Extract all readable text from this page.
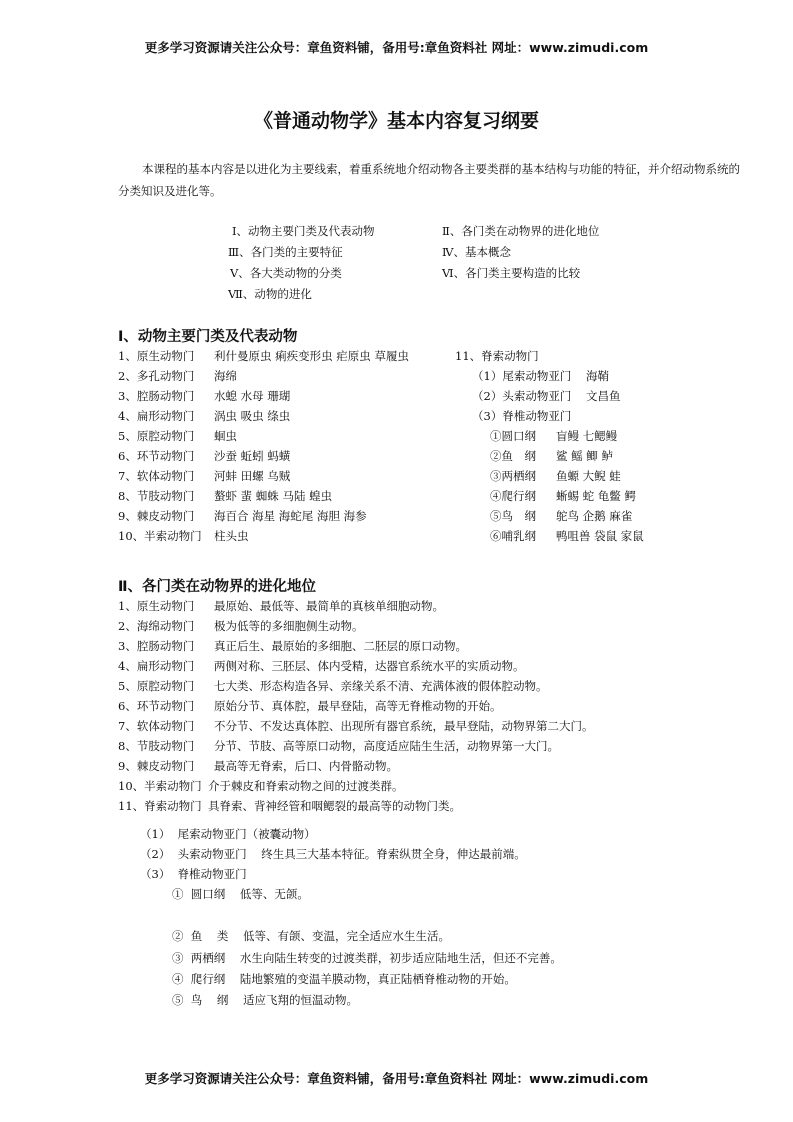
更多学习资源请关注公众号：章鱼资料铺，备用号:章鱼资料社 网址：www.zimudi.com
《普通动物学》基本内容复习纲要
本课程的基本内容是以进化为主要线索，着重系统地介绍动物各主要类群的基本结构与功能的特征，并介绍动物系统的分类知识及进化等。
Ⅰ、动物主要门类及代表动物	Ⅱ、各门类在动物界的进化地位
Ⅲ、各门类的主要特征	Ⅳ、基本概念
Ⅴ、各大类动物的分类	Ⅵ、各门类主要构造的比较
Ⅶ、动物的进化
Ⅰ、动物主要门类及代表动物
1、原生动物门 利什曼原虫 痢疾变形虫 疟原虫 草履虫
2、多孔动物门 海绵
3、腔肠动物门 水螅 水母 珊瑚
4、扁形动物门 涡虫 吸虫 绦虫
5、原腔动物门 蛔虫
6、环节动物门 沙蚕 蚯蚓 蚂蟥
7、软体动物门 河蚌 田螺 乌贼
8、节肢动物门 螯虾 蜚 蜘蛛 马陆 蝗虫
9、棘皮动物门 海百合 海星 海蛇尾 海胆 海参
10、半索动物门 柱头虫
11、脊索动物门
（1）尾索动物亚门 海鞘
（2）头索动物亚门 文昌鱼
（3）脊椎动物亚门
①圆口纲 盲鳗 七鳃鳗
②鱼　纲 鲨 鳐 鲫 鲈
③两栖纲 鱼螈 大鲵 蛙
④爬行纲 蜥蜴 蛇 龟鳖 鳄
⑤鸟　纲 鸵鸟 企鹅 麻雀
⑥哺乳纲 鸭咀兽 袋鼠 家鼠
Ⅱ、各门类在动物界的进化地位
1、原生动物门 最原始、最低等、最简单的真核单细胞动物。
2、海绵动物门 极为低等的多细胞侧生动物。
3、腔肠动物门 真正后生、最原始的多细胞、二胚层的原口动物。
4、扁形动物门 两侧对称、三胚层、体内受精，达器官系统水平的实质动物。
5、原腔动物门 七大类、形态构造各异、亲缘关系不清、充满体液的假体腔动物。
6、环节动物门 原始分节、真体腔，最早登陆，高等无脊椎动物的开始。
7、软体动物门 不分节、不发达真体腔、出现所有器官系统，最早登陆，动物界第二大门。
8、节肢动物门 分节、节肢、高等原口动物，高度适应陆生生活，动物界第一大门。
9、棘皮动物门 最高等无脊索，后口、内骨骼动物。
10、半索动物门 介于棘皮和脊索动物之间的过渡类群。
11、脊索动物门 具脊索、背神经管和咽鳃裂的最高等的动物门类。
（1）  尾索动物亚门（被囊动物）
（2）  头索动物亚门    终生具三大基本特征。脊索纵贯全身，伸达最前端。
（3）  脊椎动物亚门
①  圆口纲    低等、无颌。
②  鱼    类    低等、有颌、变温，完全适应水生生活。
③  两栖纲    水生向陆生转变的过渡类群，初步适应陆地生活，但还不完善。
④  爬行纲    陆地繁殖的变温羊膜动物，真正陆栖脊椎动物的开始。
⑤  鸟    纲    适应飞翔的恒温动物。
更多学习资源请关注公众号：章鱼资料铺，备用号:章鱼资料社 网址：www.zimudi.com
